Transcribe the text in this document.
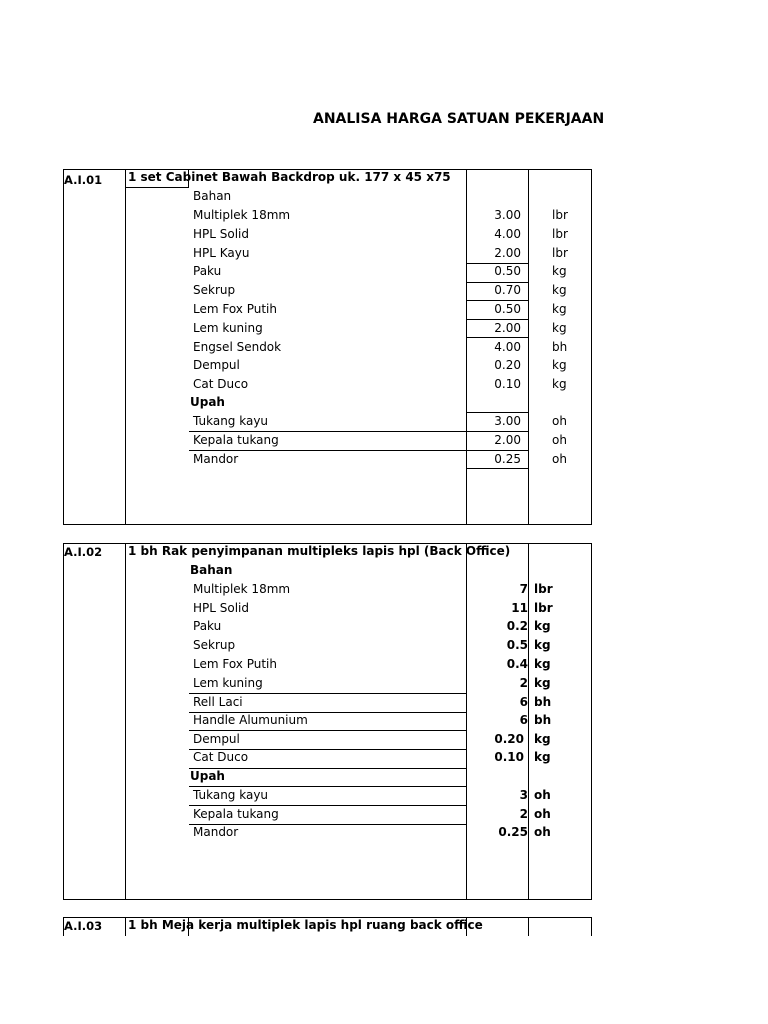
ANALISA HARGA SATUAN PEKERJAAN
A.I.01 1 set Cabinet Bawah Backdrop uk. 177 x 45 x75
Bahan
Multiplek 18mm	3.00	lbr
HPL Solid	4.00	lbr
HPL Kayu	2.00	lbr
Paku	0.50	kg
Sekrup	0.70	kg
Lem Fox Putih	0.50	kg
Lem kuning	2.00	kg
Engsel Sendok	4.00	bh
Dempul	0.20	kg
Cat Duco	0.10	kg
Upah
Tukang kayu	3.00	oh
Kepala tukang	2.00	oh
Mandor	0.25	oh
A.I.02 1 bh Rak penyimpanan multipleks lapis hpl (Back Office)
Bahan
Multiplek 18mm	7 lbr
HPL Solid	11 lbr
Paku	0.2 kg
Sekrup	0.5 kg
Lem Fox Putih	0.4 kg
Lem kuning	2 kg
Rell Laci	6 bh
Handle Alumunium	6 bh
Dempul	0.20 kg
Cat Duco	0.10 kg
Upah
Tukang kayu	3 oh
Kepala tukang	2 oh
Mandor	0.25 oh
A.I.03 1 bh Meja kerja multiplek lapis hpl ruang back office
